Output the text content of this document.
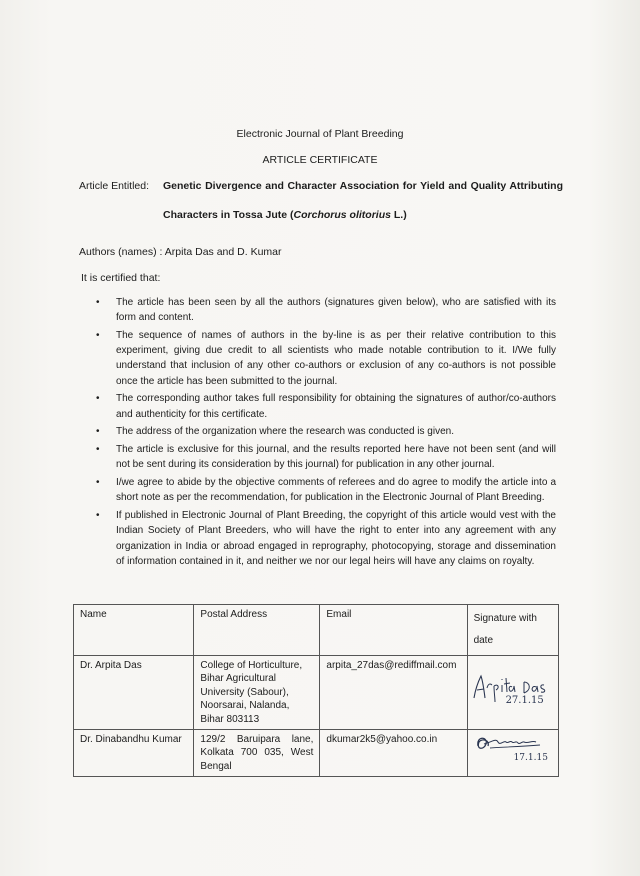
Electronic Journal of Plant Breeding
ARTICLE CERTIFICATE
Article Entitled: Genetic Divergence and Character Association for Yield and Quality Attributing
Characters in Tossa Jute (Corchorus olitorius L.)
Authors (names) : Arpita Das and D. Kumar
It is certified that:
• The article has been seen by all the authors (signatures given below), who are satisfied with its form and content.
• The sequence of names of authors in the by-line is as per their relative contribution to this experiment, giving due credit to all scientists who made notable contribution to it. I/We fully understand that inclusion of any other co-authors or exclusion of any co-authors is not possible once the article has been submitted to the journal.
• The corresponding author takes full responsibility for obtaining the signatures of author/co-authors and authenticity for this certificate.
• The address of the organization where the research was conducted is given.
• The article is exclusive for this journal, and the results reported here have not been sent (and will not be sent during its consideration by this journal) for publication in any other journal.
• I/we agree to abide by the objective comments of referees and do agree to modify the article into a short note as per the recommendation, for publication in the Electronic Journal of Plant Breeding.
• If published in Electronic Journal of Plant Breeding, the copyright of this article would vest with the Indian Society of Plant Breeders, who will have the right to enter into any agreement with any organization in India or abroad engaged in reprography, photocopying, storage and dissemination of information contained in it, and neither we nor our legal heirs will have any claims on royalty.
Name	Postal Address	Email	Signature with date
Dr. Arpita Das	College of Horticulture, Bihar Agricultural University (Sabour), Noorsarai, Nalanda, Bihar 803113	arpita_27das@rediffmail.com	27.1.15

Dr. Dinabandhu Kumar	129/2 Baruipara lane, Kolkata 700 035, West Bengal	dkumar2k5@yahoo.co.in	17.1.15
